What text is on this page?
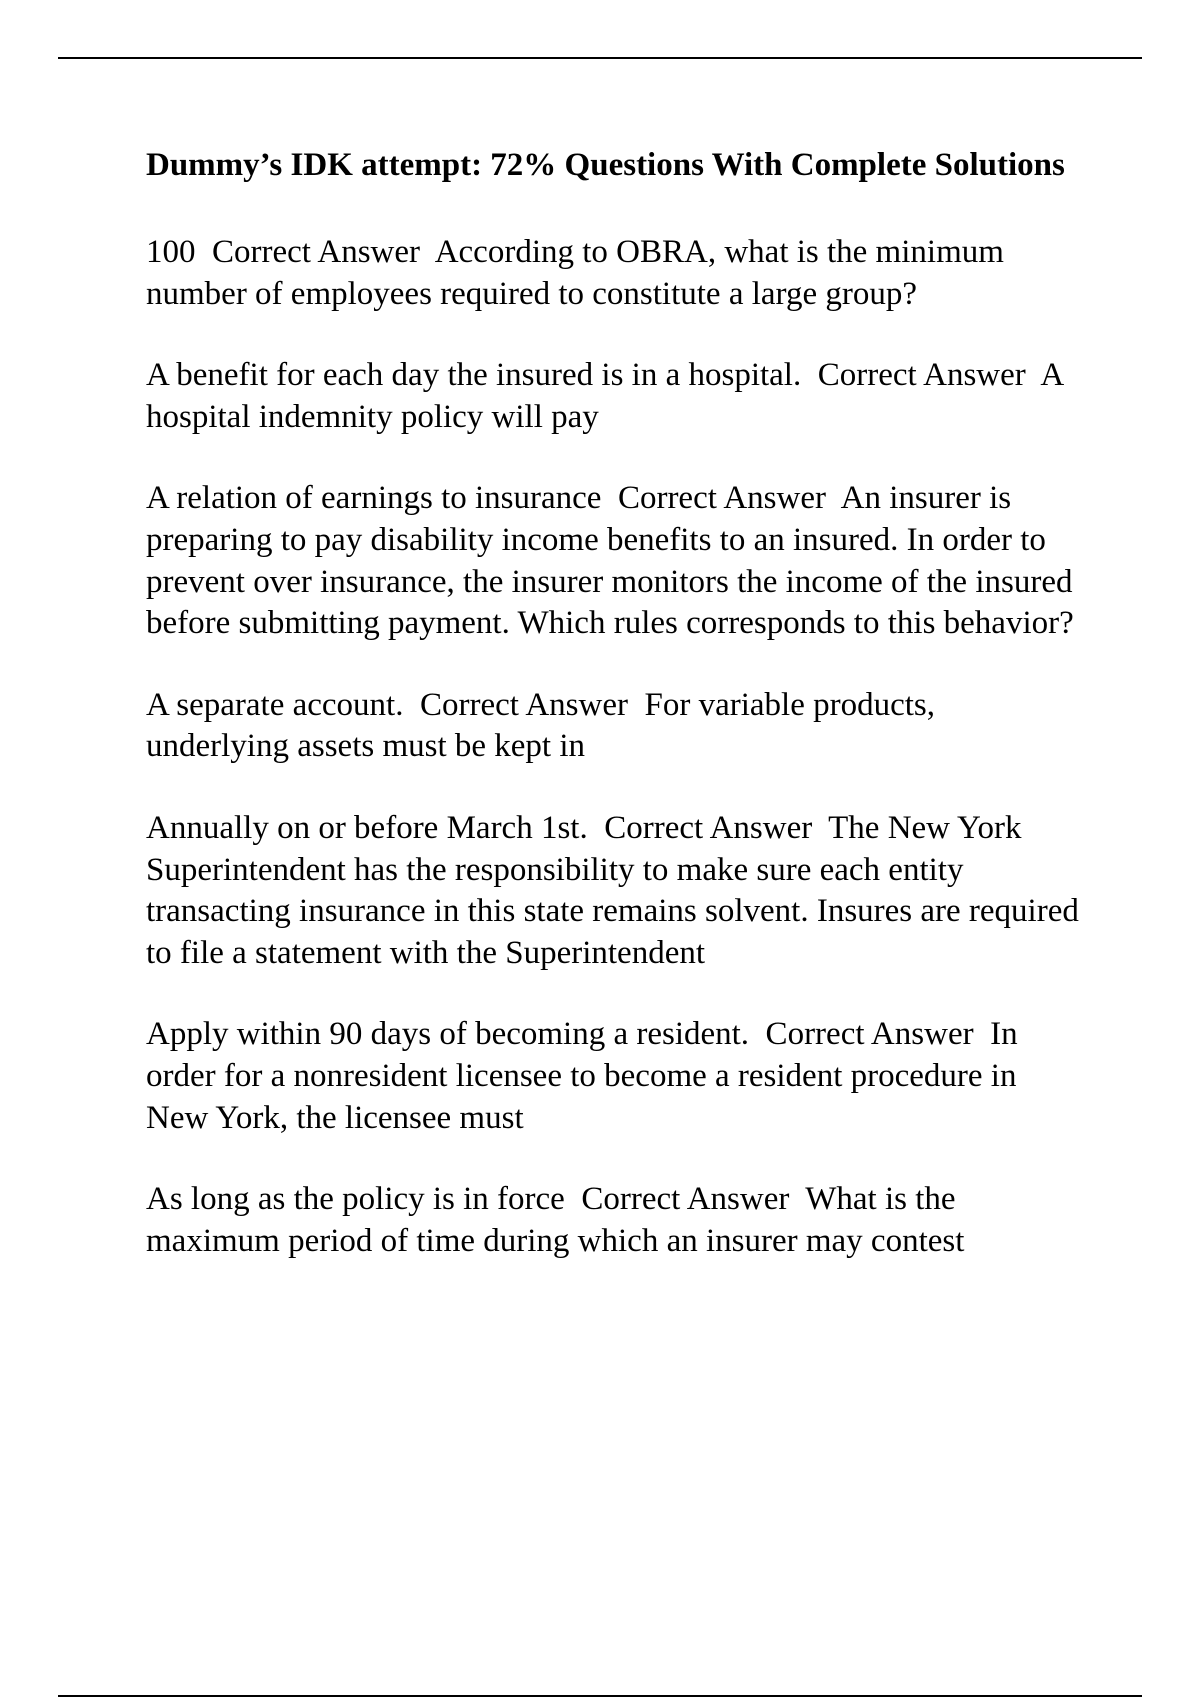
Dummy’s IDK attempt: 72% Questions With Complete Solutions

100  Correct Answer  According to OBRA, what is the minimum number of employees required to constitute a large group?

A benefit for each day the insured is in a hospital.  Correct Answer  A hospital indemnity policy will pay

A relation of earnings to insurance  Correct Answer  An insurer is preparing to pay disability income benefits to an insured. In order to prevent over insurance, the insurer monitors the income of the insured before submitting payment. Which rules corresponds to this behavior?

A separate account.  Correct Answer  For variable products, underlying assets must be kept in

Annually on or before March 1st.  Correct Answer  The New York Superintendent has the responsibility to make sure each entity transacting insurance in this state remains solvent. Insures are required to file a statement with the Superintendent

Apply within 90 days of becoming a resident.  Correct Answer  In order for a nonresident licensee to become a resident procedure in New York, the licensee must

As long as the policy is in force  Correct Answer  What is the maximum period of time during which an insurer may contest
